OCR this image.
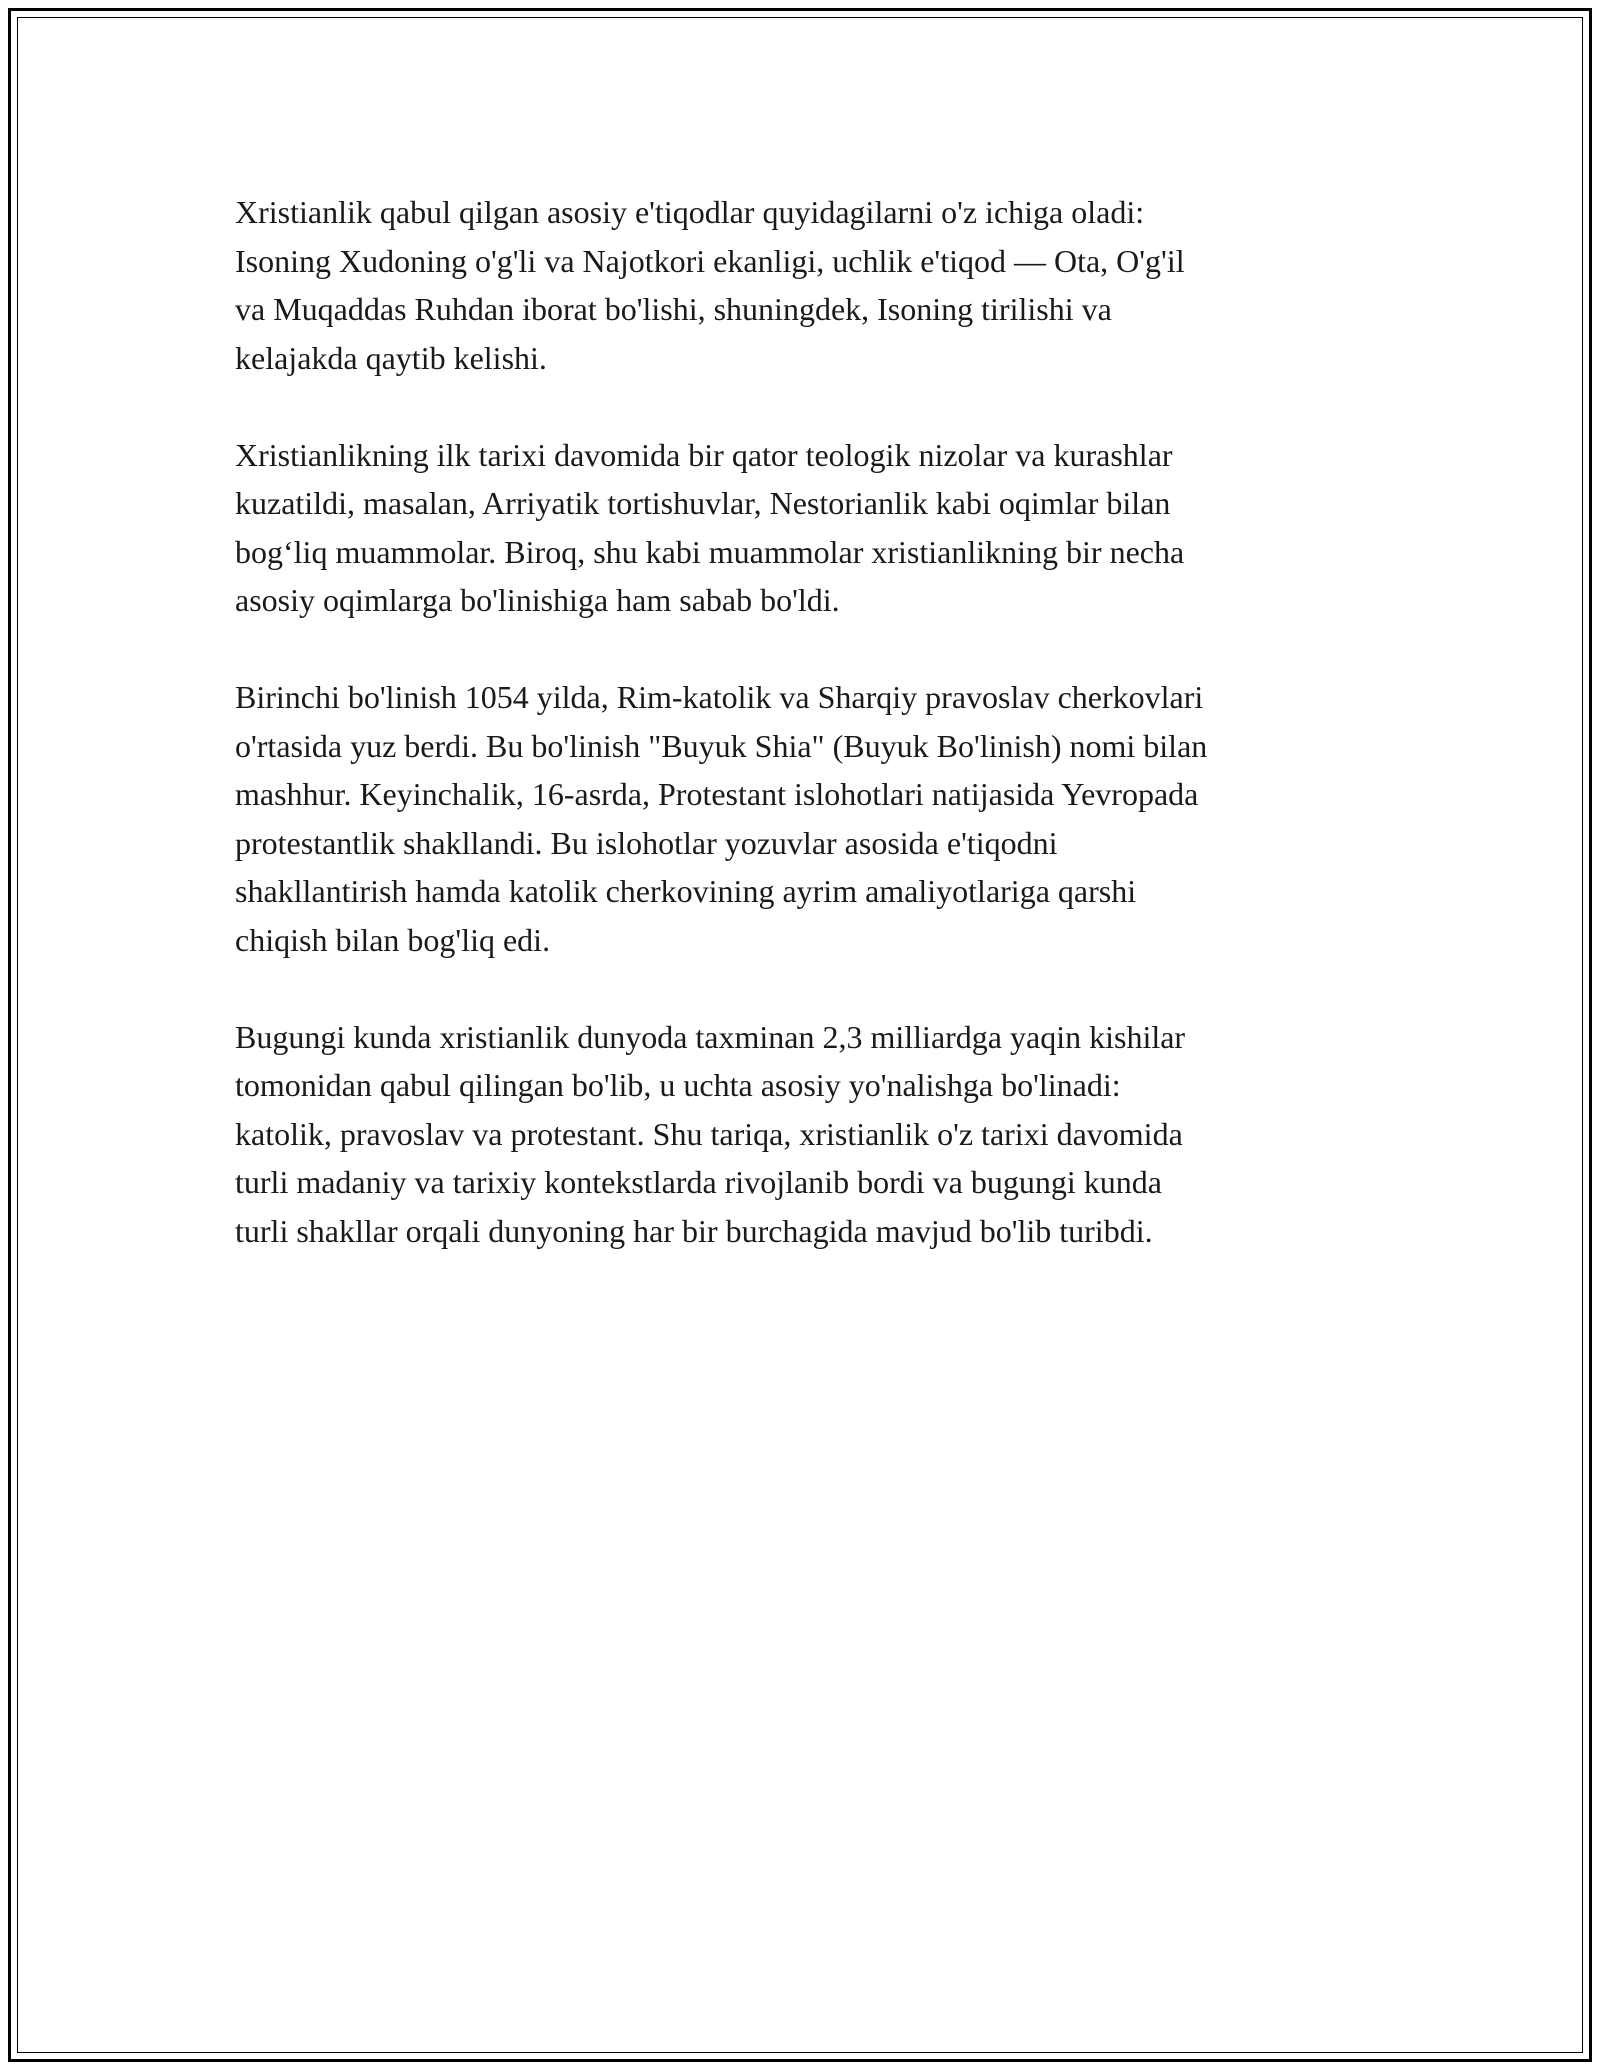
Xristianlik qabul qilgan asosiy e'tiqodlar quyidagilarni o'z ichiga oladi:
Isoning Xudoning o'g'li va Najotkori ekanligi, uchlik e'tiqod — Ota, O'g'il
va Muqaddas Ruhdan iborat bo'lishi, shuningdek, Isoning tirilishi va
kelajakda qaytib kelishi.

Xristianlikning ilk tarixi davomida bir qator teologik nizolar va kurashlar
kuzatildi, masalan, Arriyatik tortishuvlar, Nestorianlik kabi oqimlar bilan
bog‘liq muammolar. Biroq, shu kabi muammolar xristianlikning bir necha
asosiy oqimlarga bo'linishiga ham sabab bo'ldi.

Birinchi bo'linish 1054 yilda, Rim-katolik va Sharqiy pravoslav cherkovlari
o'rtasida yuz berdi. Bu bo'linish "Buyuk Shia" (Buyuk Bo'linish) nomi bilan
mashhur. Keyinchalik, 16-asrda, Protestant islohotlari natijasida Yevropada
protestantlik shakllandi. Bu islohotlar yozuvlar asosida e'tiqodni
shakllantirish hamda katolik cherkovining ayrim amaliyotlariga qarshi
chiqish bilan bog'liq edi.

Bugungi kunda xristianlik dunyoda taxminan 2,3 milliardga yaqin kishilar
tomonidan qabul qilingan bo'lib, u uchta asosiy yo'nalishga bo'linadi:
katolik, pravoslav va protestant. Shu tariqa, xristianlik o'z tarixi davomida
turli madaniy va tarixiy kontekstlarda rivojlanib bordi va bugungi kunda
turli shakllar orqali dunyoning har bir burchagida mavjud bo'lib turibdi.
